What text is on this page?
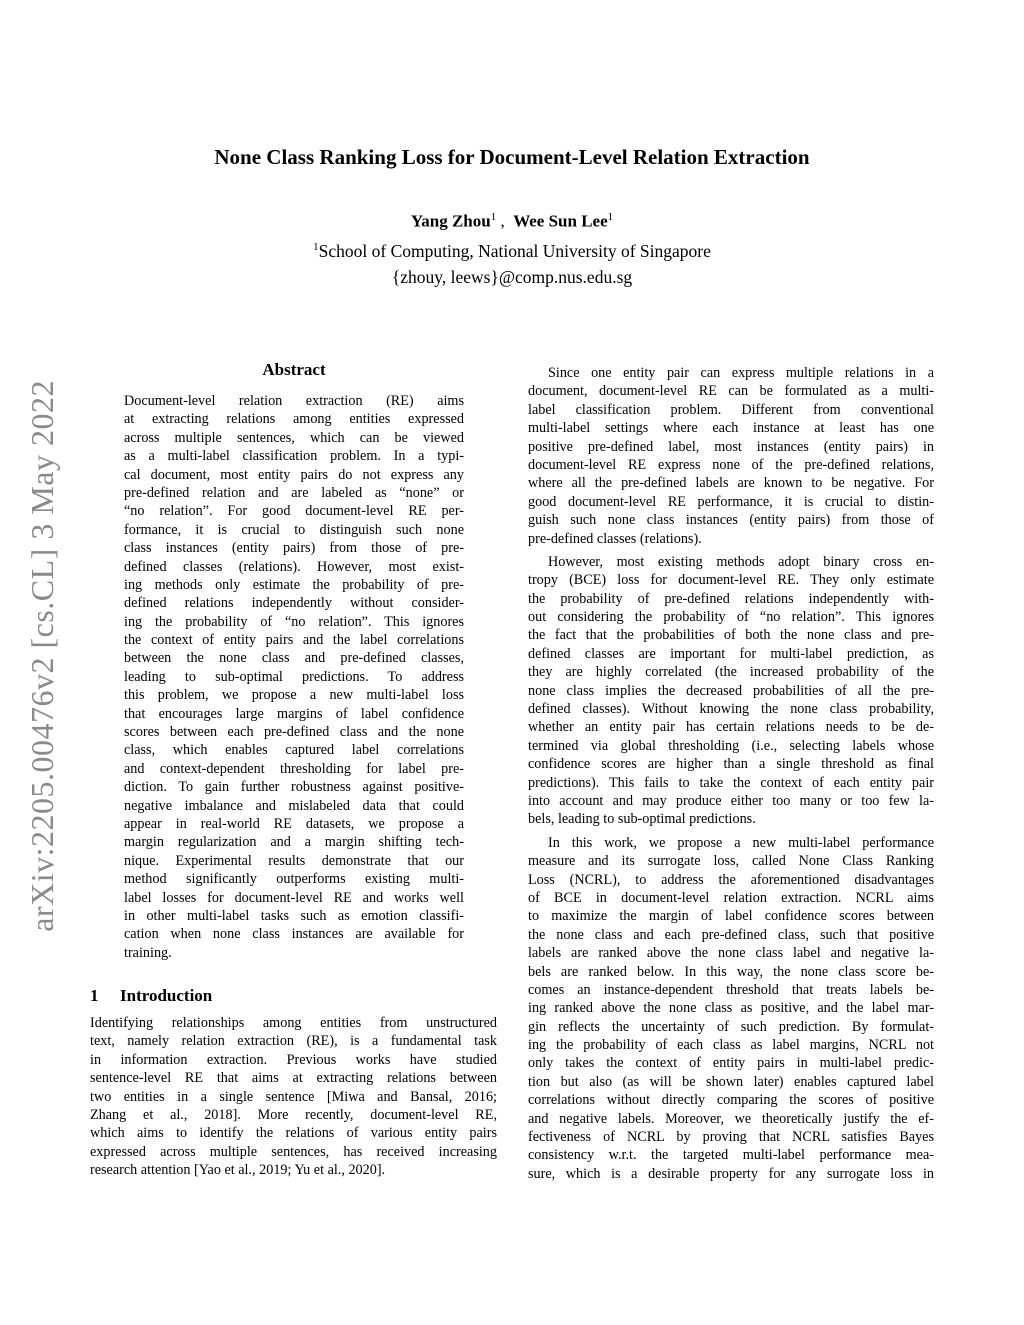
arXiv:2205.00476v2 [cs.CL] 3 May 2022
None Class Ranking Loss for Document-Level Relation Extraction
Yang Zhou$^1$ ,  Wee Sun Lee$^1$
$^1$School of Computing, National University of Singapore
{zhouy, leews}@comp.nus.edu.sg
Abstract
Document-level relation extraction (RE) aims
at extracting relations among entities expressed
across multiple sentences, which can be viewed
as a multi-label classification problem. In a typi-
cal document, most entity pairs do not express any
pre-defined relation and are labeled as “none” or
“no relation”. For good document-level RE per-
formance, it is crucial to distinguish such none
class instances (entity pairs) from those of pre-
defined classes (relations). However, most exist-
ing methods only estimate the probability of pre-
defined relations independently without consider-
ing the probability of “no relation”. This ignores
the context of entity pairs and the label correlations
between the none class and pre-defined classes,
leading to sub-optimal predictions. To address
this problem, we propose a new multi-label loss
that encourages large margins of label confidence
scores between each pre-defined class and the none
class, which enables captured label correlations
and context-dependent thresholding for label pre-
diction. To gain further robustness against positive-
negative imbalance and mislabeled data that could
appear in real-world RE datasets, we propose a
margin regularization and a margin shifting tech-
nique. Experimental results demonstrate that our
method significantly outperforms existing multi-
label losses for document-level RE and works well
in other multi-label tasks such as emotion classifi-
cation when none class instances are available for
training.
1 Introduction
Identifying relationships among entities from unstructured
text, namely relation extraction (RE), is a fundamental task
in information extraction. Previous works have studied
sentence-level RE that aims at extracting relations between
two entities in a single sentence [Miwa and Bansal, 2016;
Zhang et al., 2018]. More recently, document-level RE,
which aims to identify the relations of various entity pairs
expressed across multiple sentences, has received increasing
research attention [Yao et al., 2019; Yu et al., 2020].
Since one entity pair can express multiple relations in a
document, document-level RE can be formulated as a multi-
label classification problem. Different from conventional
multi-label settings where each instance at least has one
positive pre-defined label, most instances (entity pairs) in
document-level RE express none of the pre-defined relations,
where all the pre-defined labels are known to be negative. For
good document-level RE performance, it is crucial to distin-
guish such none class instances (entity pairs) from those of
pre-defined classes (relations).
However, most existing methods adopt binary cross en-
tropy (BCE) loss for document-level RE. They only estimate
the probability of pre-defined relations independently with-
out considering the probability of “no relation”. This ignores
the fact that the probabilities of both the none class and pre-
defined classes are important for multi-label prediction, as
they are highly correlated (the increased probability of the
none class implies the decreased probabilities of all the pre-
defined classes). Without knowing the none class probability,
whether an entity pair has certain relations needs to be de-
termined via global thresholding (i.e., selecting labels whose
confidence scores are higher than a single threshold as final
predictions). This fails to take the context of each entity pair
into account and may produce either too many or too few la-
bels, leading to sub-optimal predictions.
In this work, we propose a new multi-label performance
measure and its surrogate loss, called None Class Ranking
Loss (NCRL), to address the aforementioned disadvantages
of BCE in document-level relation extraction. NCRL aims
to maximize the margin of label confidence scores between
the none class and each pre-defined class, such that positive
labels are ranked above the none class label and negative la-
bels are ranked below. In this way, the none class score be-
comes an instance-dependent threshold that treats labels be-
ing ranked above the none class as positive, and the label mar-
gin reflects the uncertainty of such prediction. By formulat-
ing the probability of each class as label margins, NCRL not
only takes the context of entity pairs in multi-label predic-
tion but also (as will be shown later) enables captured label
correlations without directly comparing the scores of positive
and negative labels. Moreover, we theoretically justify the ef-
fectiveness of NCRL by proving that NCRL satisfies Bayes
consistency w.r.t. the targeted multi-label performance mea-
sure, which is a desirable property for any surrogate loss in
